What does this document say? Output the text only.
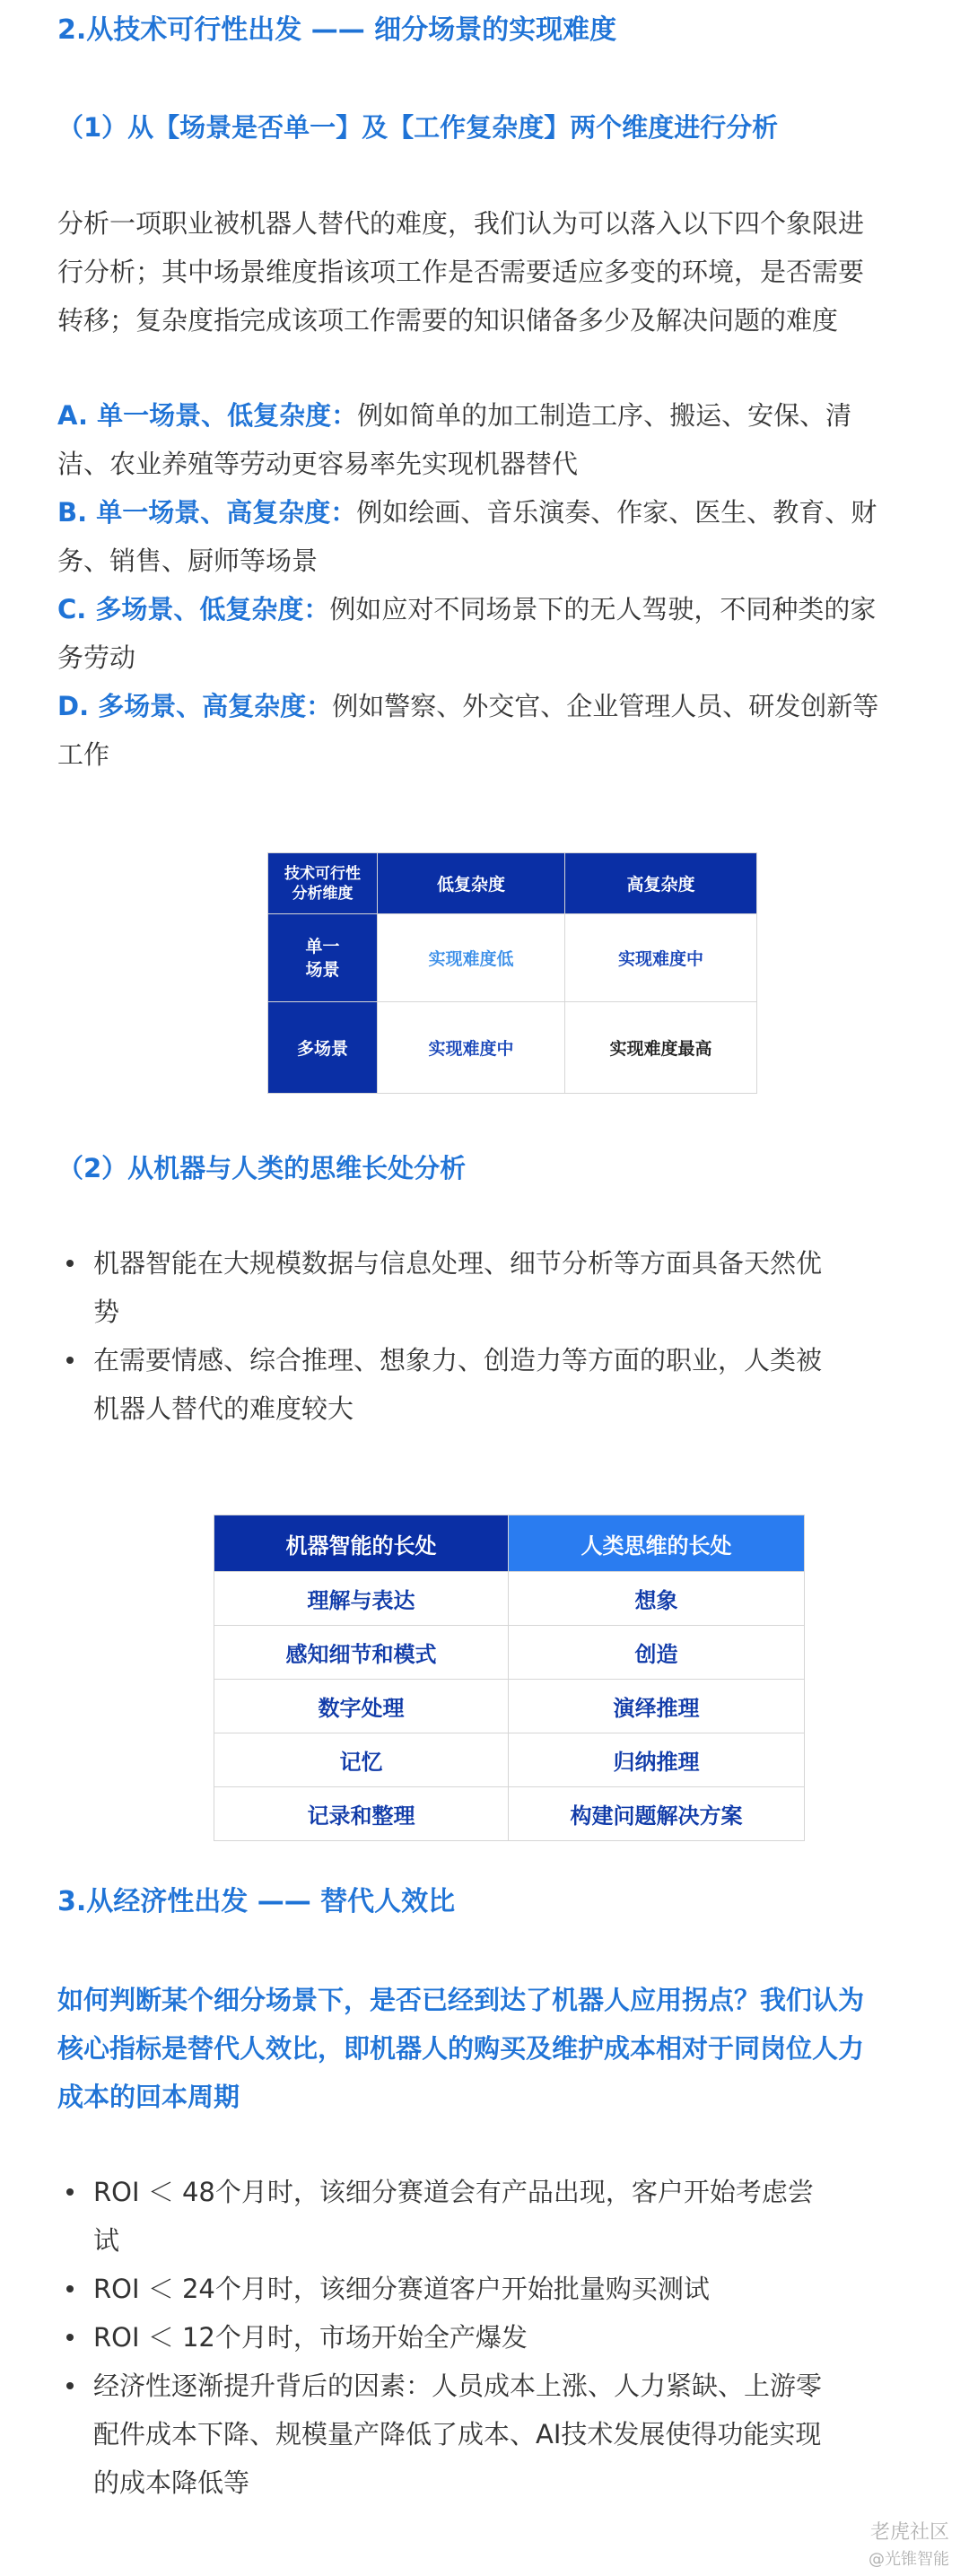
2.从技术可行性出发 —— 细分场景的实现难度
（1）从【场景是否单一】及【工作复杂度】两个维度进行分析
分析一项职业被机器人替代的难度，我们认为可以落入以下四个象限进
行分析；其中场景维度指该项工作是否需要适应多变的环境，是否需要
转移；复杂度指完成该项工作需要的知识储备多少及解决问题的难度
A. 单一场景、低复杂度：例如简单的加工制造工序、搬运、安保、清
洁、农业养殖等劳动更容易率先实现机器替代
B. 单一场景、高复杂度：例如绘画、音乐演奏、作家、医生、教育、财
务、销售、厨师等场景
C. 多场景、低复杂度：例如应对不同场景下的无人驾驶，不同种类的家
务劳动
D. 多场景、高复杂度：例如警察、外交官、企业管理人员、研发创新等
工作
技术可行性
分析维度	低复杂度	高复杂度

单一
场景	实现难度低	实现难度中
多场景	实现难度中	实现难度最高
（2）从机器与人类的思维长处分析
机器智能在大规模数据与信息处理、细节分析等方面具备天然优
势
在需要情感、综合推理、想象力、创造力等方面的职业，人类被
机器人替代的难度较大
机器智能的长处	人类思维的长处
理解与表达	想象
感知细节和模式	创造
数字处理	演绎推理
记忆	归纳推理
记录和整理	构建问题解决方案
3.从经济性出发 —— 替代人效比
如何判断某个细分场景下，是否已经到达了机器人应用拐点？我们认为
核心指标是替代人效比，即机器人的购买及维护成本相对于同岗位人力
成本的回本周期
ROI ＜ 48个月时，该细分赛道会有产品出现，客户开始考虑尝
试
ROI ＜ 24个月时，该细分赛道客户开始批量购买测试
ROI ＜ 12个月时，市场开始全产爆发
经济性逐渐提升背后的因素：人员成本上涨、人力紧缺、上游零
配件成本下降、规模量产降低了成本、AI技术发展使得功能实现
的成本降低等
老虎社区
@光锥智能
